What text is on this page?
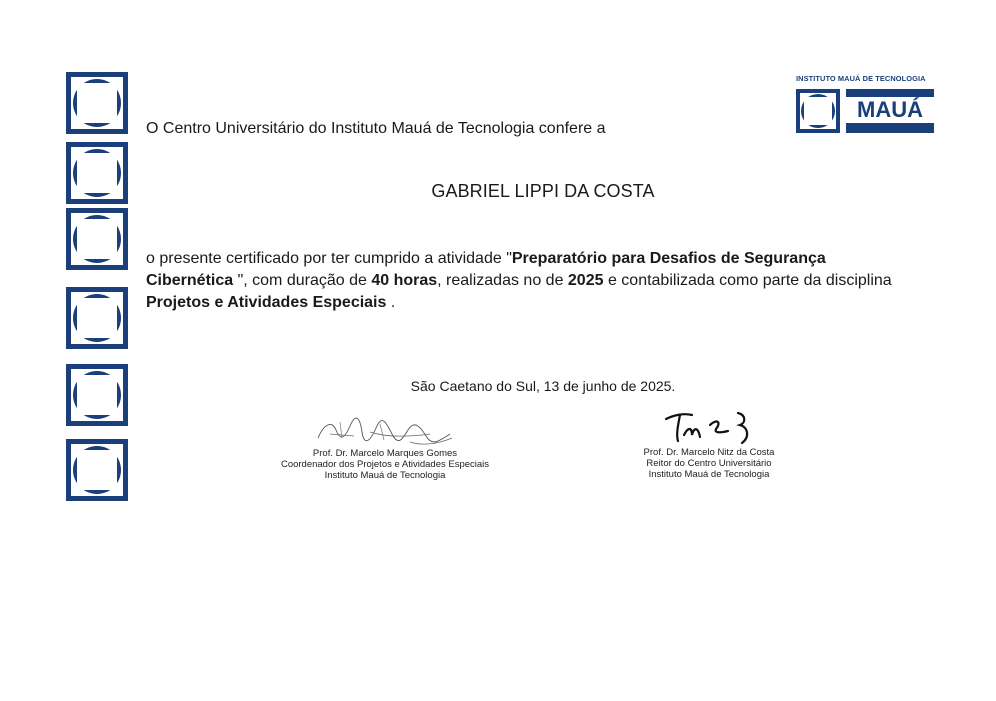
INSTITUTO MAUÁ DE TECNOLOGIA
MAUÁ
O Centro Universitário do Instituto Mauá de Tecnologia confere a
GABRIEL LIPPI DA COSTA
o presente certificado por ter cumprido a atividade "Preparatório para Desafios de Segurança Cibernética ", com duração de 40 horas, realizadas no de 2025 e contabilizada como parte da disciplina Projetos e Atividades Especiais .
São Caetano do Sul, 13 de junho de 2025.
Prof. Dr. Marcelo Marques Gomes
Coordenador dos Projetos e Atividades Especiais
Instituto Mauá de Tecnologia
Prof. Dr. Marcelo Nitz da Costa
Reitor do Centro Universitário
Instituto Mauá de Tecnologia
